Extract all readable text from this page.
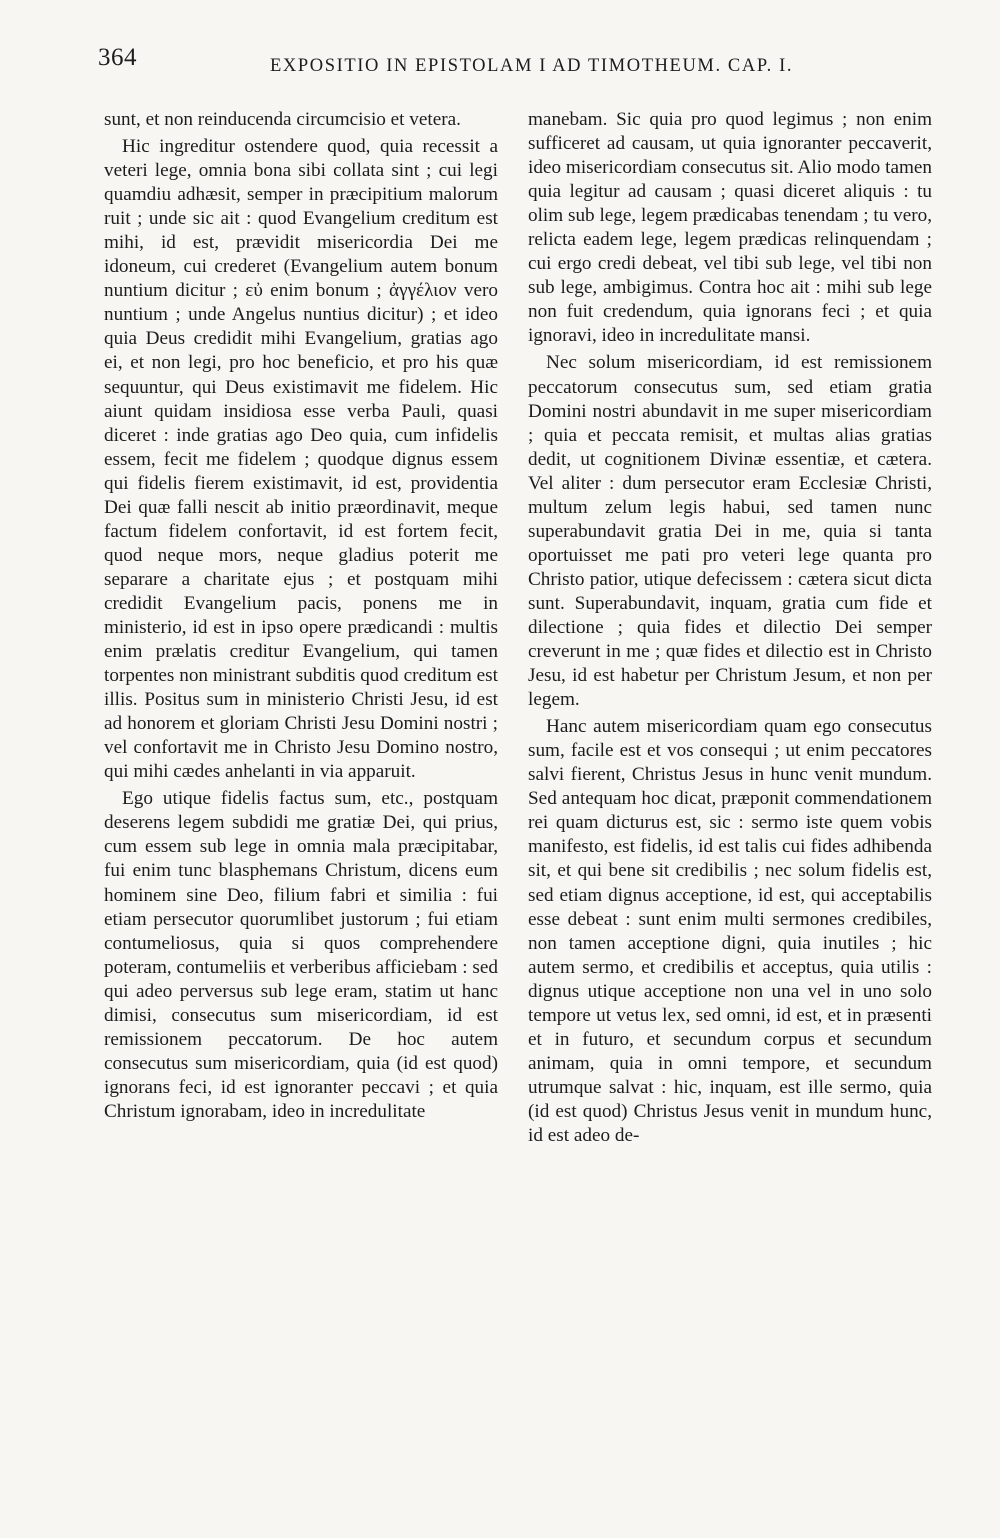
364	EXPOSITIO IN EPISTOLAM I AD TIMOTHEUM. CAP. I.

sunt, et non reinducenda circumcisio et vetera.

Hic ingreditur ostendere quod, quia recessit a veteri lege, omnia bona sibi collata sint ; cui legi quamdiu adhæsit, semper in præcipitium malorum ruit ; unde sic ait : quod Evangelium creditum est mihi, id est, prævidit misericordia Dei me idoneum, cui crederet (Evangelium autem bonum nuntium dicitur ; εὐ enim bonum ; ἀγγέλιον vero nuntium ; unde Angelus nuntius dicitur) ; et ideo quia Deus credidit mihi Evangelium, gratias ago ei, et non legi, pro hoc beneficio, et pro his quæ sequuntur, qui Deus existimavit me fidelem. Hic aiunt quidam insidiosa esse verba Pauli, quasi diceret : inde gratias ago Deo quia, cum infidelis essem, fecit me fidelem ; quodque dignus essem qui fidelis fierem existimavit, id est, providentia Dei quæ falli nescit ab initio præordinavit, meque factum fidelem confortavit, id est fortem fecit, quod neque mors, neque gladius poterit me separare a charitate ejus ; et postquam mihi credidit Evangelium pacis, ponens me in ministerio, id est in ipso opere prædicandi : multis enim prælatis creditur Evangelium, qui tamen torpentes non ministrant subditis quod creditum est illis. Positus sum in ministerio Christi Jesu, id est ad honorem et gloriam Christi Jesu Domini nostri ; vel confortavit me in Christo Jesu Domino nostro, qui mihi cædes anhelanti in via apparuit.

Ego utique fidelis factus sum, etc., postquam deserens legem subdidi me gratiæ Dei, qui prius, cum essem sub lege in omnia mala præcipitabar, fui enim tunc blasphemans Christum, dicens eum hominem sine Deo, filium fabri et similia : fui etiam persecutor quorumlibet justorum ; fui etiam contumeliosus, quia si quos comprehendere poteram, contumeliis et verberibus afficiebam : sed qui adeo perversus sub lege eram, statim ut hanc dimisi, consecutus sum misericordiam, id est remissionem peccatorum. De hoc autem consecutus sum misericordiam, quia (id est quod) ignorans feci, id est ignoranter peccavi ; et quia Christum ignorabam, ideo in incredulitate

manebam. Sic quia pro quod legimus ; non enim sufficeret ad causam, ut quia ignoranter peccaverit, ideo misericordiam consecutus sit. Alio modo tamen quia legitur ad causam ; quasi diceret aliquis : tu olim sub lege, legem prædicabas tenendam ; tu vero, relicta eadem lege, legem prædicas relinquendam ; cui ergo credi debeat, vel tibi sub lege, vel tibi non sub lege, ambigimus. Contra hoc ait : mihi sub lege non fuit credendum, quia ignorans feci ; et quia ignoravi, ideo in incredulitate mansi.

Nec solum misericordiam, id est remissionem peccatorum consecutus sum, sed etiam gratia Domini nostri abundavit in me super misericordiam ; quia et peccata remisit, et multas alias gratias dedit, ut cognitionem Divinæ essentiæ, et cætera. Vel aliter : dum persecutor eram Ecclesiæ Christi, multum zelum legis habui, sed tamen nunc superabundavit gratia Dei in me, quia si tanta oportuisset me pati pro veteri lege quanta pro Christo patior, utique defecissem : cætera sicut dicta sunt. Superabundavit, inquam, gratia cum fide et dilectione ; quia fides et dilectio Dei semper creverunt in me ; quæ fides et dilectio est in Christo Jesu, id est habetur per Christum Jesum, et non per legem.

Hanc autem misericordiam quam ego consecutus sum, facile est et vos consequi ; ut enim peccatores salvi fierent, Christus Jesus in hunc venit mundum. Sed antequam hoc dicat, præponit commendationem rei quam dicturus est, sic : sermo iste quem vobis manifesto, est fidelis, id est talis cui fides adhibenda sit, et qui bene sit credibilis ; nec solum fidelis est, sed etiam dignus acceptione, id est, qui acceptabilis esse debeat : sunt enim multi sermones credibiles, non tamen acceptione digni, quia inutiles ; hic autem sermo, et credibilis et acceptus, quia utilis : dignus utique acceptione non una vel in uno solo tempore ut vetus lex, sed omni, id est, et in præsenti et in futuro, et secundum corpus et secundum animam, quia in omni tempore, et secundum utrumque salvat : hic, inquam, est ille sermo, quia (id est quod) Christus Jesus venit in mundum hunc, id est adeo de-
